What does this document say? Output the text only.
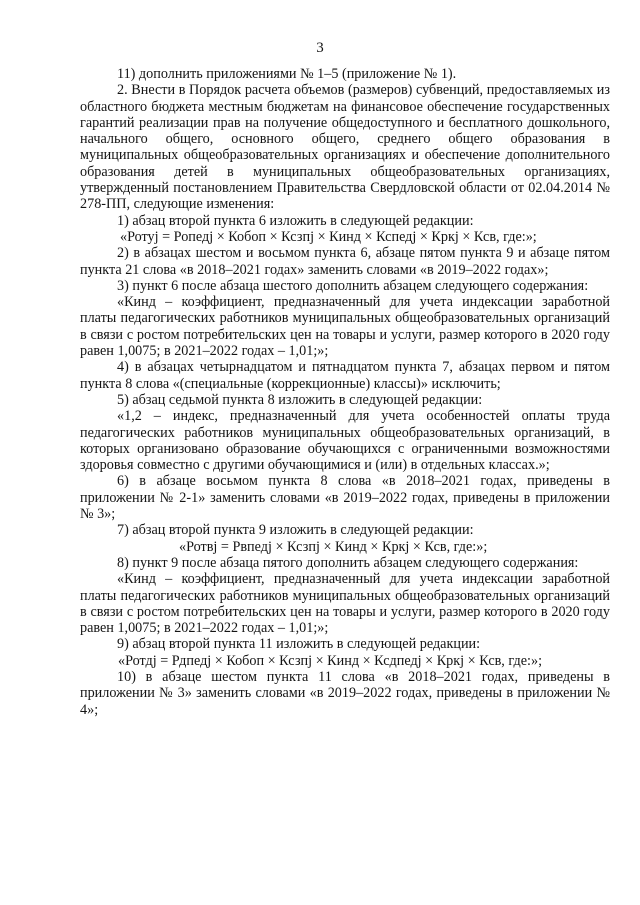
3

11) дополнить приложениями № 1–5 (приложение № 1).

2. Внести в Порядок расчета объемов (размеров) субвенций, предоставляемых из областного бюджета местным бюджетам на финансовое обеспечение государственных гарантий реализации прав на получение общедоступного и бесплатного дошкольного, начального общего, основного общего, среднего общего образования в муниципальных общеобразовательных организациях и обеспечение дополнительного образования детей в муниципальных общеобразовательных организациях, утвержденный постановлением Правительства Свердловской области от 02.04.2014 № 278-ПП, следующие изменения:

1) абзац второй пункта 6 изложить в следующей редакции:

«Ротуj = Ропедj × Кобоп × Ксзпj × Кинд × Кспедj × Кркj × Ксв, где:»;

2) в абзацах шестом и восьмом пункта 6, абзаце пятом пункта 9 и абзаце пятом пункта 21 слова «в 2018–2021 годах» заменить словами «в 2019–2022 годах»;

3) пункт 6 после абзаца шестого дополнить абзацем следующего содержания:

«Кинд – коэффициент, предназначенный для учета индексации заработной платы педагогических работников муниципальных общеобразовательных организаций в связи с ростом потребительских цен на товары и услуги, размер которого в 2020 году равен 1,0075; в 2021–2022 годах – 1,01;»;

4) в абзацах четырнадцатом и пятнадцатом пункта 7, абзацах первом и пятом пункта 8 слова «(специальные (коррекционные) классы)» исключить;

5) абзац седьмой пункта 8 изложить в следующей редакции:

«1,2 – индекс, предназначенный для учета особенностей оплаты труда педагогических работников муниципальных общеобразовательных организаций, в которых организовано образование обучающихся с ограниченными возможностями здоровья совместно с другими обучающимися и (или) в отдельных классах.»;

6) в абзаце восьмом пункта 8 слова «в 2018–2021 годах, приведены в приложении № 2-1» заменить словами «в 2019–2022 годах, приведены в приложении № 3»;

7) абзац второй пункта 9 изложить в следующей редакции:

«Ротвj = Рвпедj × Ксзпj × Кинд × Кркj × Ксв, где:»;

8) пункт 9 после абзаца пятого дополнить абзацем следующего содержания:

«Кинд – коэффициент, предназначенный для учета индексации заработной платы педагогических работников муниципальных общеобразовательных организаций в связи с ростом потребительских цен на товары и услуги, размер которого в 2020 году равен 1,0075; в 2021–2022 годах – 1,01;»;

9) абзац второй пункта 11 изложить в следующей редакции:

«Ротдj = Рдпедj × Кобоп × Ксзпj × Кинд × Ксдпедj × Кркj × Ксв, где:»;

10) в абзаце шестом пункта 11 слова «в 2018–2021 годах, приведены в приложении № 3» заменить словами «в 2019–2022 годах, приведены в приложении № 4»;
